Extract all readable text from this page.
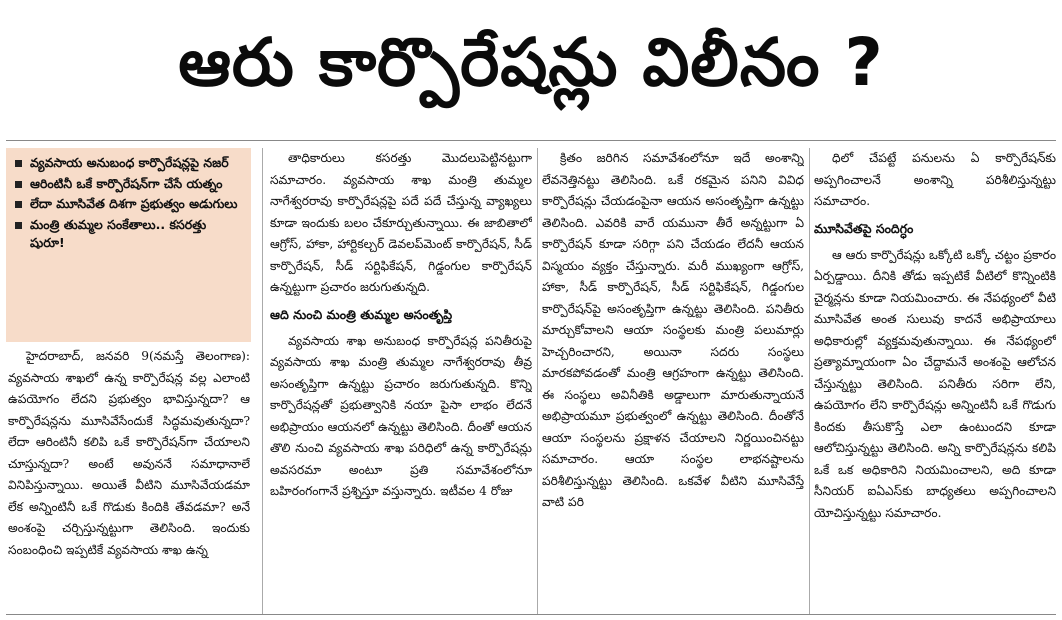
ఆరు కార్పొరేషన్లు విలీనం ?
వ్యవసాయ అనుబంధ కార్పొరేషన్లపై నజర్
ఆరింటినీ ఒకే కార్పొరేషన్‌గా చేసే యత్నం
లేదా మూసివేత దిశగా ప్రభుత్వం అడుగులు
మంత్రి తుమ్మల సంకేతాలు.. కసరత్తు షురూ!

హైదరాబాద్, జనవరి 9(నమస్తే తెలంగాణ): వ్యవసాయ శాఖలో ఉన్న కార్పొరేషన్ల వల్ల ఎలాంటి ఉపయోగం లేదని ప్రభుత్వం భావిస్తున్నదా? ఆ కార్పొరేషన్లను మూసివేసేందుకే సిద్ధమవుతున్నదా? లేదా ఆరింటినీ కలిపి ఒకే కార్పొరేషన్‌గా చేయాలని చూస్తున్నదా? అంటే అవుననే సమాధానాలే వినిపిస్తున్నాయి. అయితే వీటిని మూసివేయడమా లేక అన్నింటినీ ఒకే గొడుకు కిందికి తేవడమా? అనే అంశంపై చర్చిస్తున్నట్టుగా తెలిసింది. ఇందుకు సంబంధించి ఇప్పటికే వ్యవసాయ శాఖ ఉన్న

తాధికారులు కసరత్తు మొదలుపెట్టినట్టుగా సమాచారం. వ్యవసాయ శాఖ మంత్రి తుమ్మల నాగేశ్వరరావు కార్పొరేషన్లపై పదే పదే చేస్తున్న వ్యాఖ్యలు కూడా ఇందుకు బలం చేకూర్చుతున్నాయి. ఈ జాబితాలో ఆగ్రోస్, హాకా, హార్టికల్చర్ డెవలప్‌మెంట్ కార్పొరేషన్, సీడ్ కార్పొరేషన్, సీడ్ సర్టిఫికేషన్, గిడ్డంగుల కార్పొరేషన్ ఉన్నట్టుగా ప్రచారం జరుగుతున్నది.

ఆది నుంచి మంత్రి తుమ్మల అసంతృప్తి

వ్యవసాయ శాఖ అనుబంధ కార్పొరేషన్ల పనితీరుపై వ్యవసాయ శాఖ మంత్రి తుమ్మల నాగేశ్వరరావు తీవ్ర అసంతృప్తిగా ఉన్నట్టు ప్రచారం జరుగుతున్నది. కొన్ని కార్పొరేషన్లతో ప్రభుత్వానికి నయా పైసా లాభం లేదనే అభిప్రాయం ఆయనలో ఉన్నట్టు తెలిసింది. దీంతో ఆయన తొలి నుంచి వ్యవసాయ శాఖ పరిధిలో ఉన్న కార్పొరేషన్లు అవసరమా అంటూ ప్రతి సమావేశంలోనూ బహిరంగంగానే ప్రశ్నిస్తూ వస్తున్నారు. ఇటీవల 4 రోజు

క్రితం జరిగిన సమావేశంలోనూ ఇదే అంశాన్ని లేవనెత్తినట్టు తెలిసింది. ఒకే రకమైన పనిని వివిధ కార్పొరేషన్లు చేయడంపైనా ఆయన అసంతృప్తిగా ఉన్నట్టు తెలిసింది. ఎవరికి వారే యమునా తీరే అన్నట్టుగా ఏ కార్పొరేషన్ కూడా సరిగ్గా పని చేయడం లేదనీ ఆయన విస్మయం వ్యక్తం చేస్తున్నారు. మరీ ముఖ్యంగా ఆగ్రోస్, హాకా, సీడ్ కార్పొరేషన్, సీడ్ సర్టిఫికేషన్, గిడ్డంగుల కార్పొరేషన్‌పై అసంతృప్తిగా ఉన్నట్టు తెలిసింది. పనితీరు మార్చుకోవాలని ఆయా సంస్థలకు మంత్రి పలుమార్లు హెచ్చరించారని, అయినా సదరు సంస్థలు మారకపోవడంతో మంత్రి ఆగ్రహంగా ఉన్నట్టు తెలిసింది. ఈ సంస్థలు అవినీతికి అడ్డాలుగా మారుతున్నాయనే అభిప్రాయమూ ప్రభుత్వంలో ఉన్నట్టు తెలిసింది. దీంతోనే ఆయా సంస్థలను ప్రక్షాళన చేయాలని నిర్ణయించినట్టు సమాచారం. ఆయా సంస్థల లాభనష్టాలను పరిశీలిస్తున్నట్టు తెలిసింది. ఒకవేళ వీటిని మూసివేస్తే వాటి పరి

ధిలో చేపట్టే పనులను ఏ కార్పొరేషన్‌కు అప్పగించాలనే అంశాన్ని పరిశీలిస్తున్నట్టు సమాచారం.

మూసివేతపై సందిగ్ధం

ఆ ఆరు కార్పొరేషన్లు ఒక్కోటి ఒక్కో చట్టం ప్రకారం ఏర్పడ్డాయి. దీనికి తోడు ఇప్పటికే వీటిలో కొన్నింటికి చైర్మన్లను కూడా నియమించారు. ఈ నేపథ్యంలో వీటి మూసివేత అంత సులువు కాదనే అభిప్రాయాలు అధికారుల్లో వ్యక్తమవుతున్నాయి. ఈ నేపథ్యంలో ప్రత్యామ్నాయంగా ఏం చేద్దామనే అంశంపై ఆలోచన చేస్తున్నట్టు తెలిసింది. పనితీరు సరిగా లేని, ఉపయోగం లేని కార్పొరేషన్లు అన్నింటినీ ఒకే గొడుగు కిందకు తీసుకొస్తే ఎలా ఉంటుందని కూడా ఆలోచిస్తున్నట్టు తెలిసింది. అన్ని కార్పొరేషన్లను కలిపి ఒకే ఒక అధికారిని నియమించాలని, అది కూడా సీనియర్ ఐఏఎస్‌కు బాధ్యతలు అప్పగించాలని యోచిస్తున్నట్టు సమాచారం.
